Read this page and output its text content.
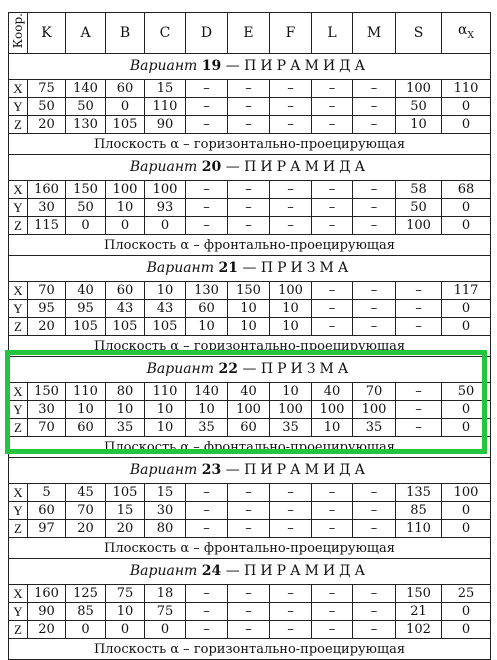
Коор.	K	A	B	C	D	E	F	L	M	S	$\alpha_X$
Вариант 19 — ПИРАМИДА											
X	75	140	60	15	–	–	–	–	–	100	110
Y	50	50	0	110	–	–	–	–	–	50	0
Z	20	130	105	90	–	–	–	–	–	10	0
Плоскость α – горизонтально-проецирующая											
Вариант 20 — ПИРАМИДА											
X	160	150	100	100	–	–	–	–	–	58	68
Y	30	50	10	93	–	–	–	–	–	50	0
Z	115	0	0	0	–	–	–	–	–	100	0
Плоскость α – фронтально-проецирующая											
Вариант 21 — ПРИЗМА											
X	70	40	60	10	130	150	100	–	–	–	117
Y	95	95	43	43	60	10	10	–	–	–	0
Z	20	105	105	105	10	10	10	–	–	–	0
Плоскость α – горизонтально-проецирующая											
Вариант 22 — ПРИЗМА											
X	150	110	80	110	140	40	10	40	70	–	50
Y	30	10	10	10	10	100	100	100	100	–	0
Z	70	60	35	10	35	60	35	10	35	–	0
Плоскость α – фронтально-проецирующая											
Вариант 23 — ПИРАМИДА											
X	5	45	105	15	–	–	–	–	–	135	100
Y	60	70	15	30	–	–	–	–	–	85	0
Z	97	20	20	80	–	–	–	–	–	110	0
Плоскость α – фронтально-проецирующая											
Вариант 24 — ПИРАМИДА											
X	160	125	75	18	–	–	–	–	–	150	25
Y	90	85	10	75	–	–	–	–	–	21	0
Z	20	0	0	0	–	–	–	–	–	102	0
Плоскость α – горизонтально-проецирующая											
